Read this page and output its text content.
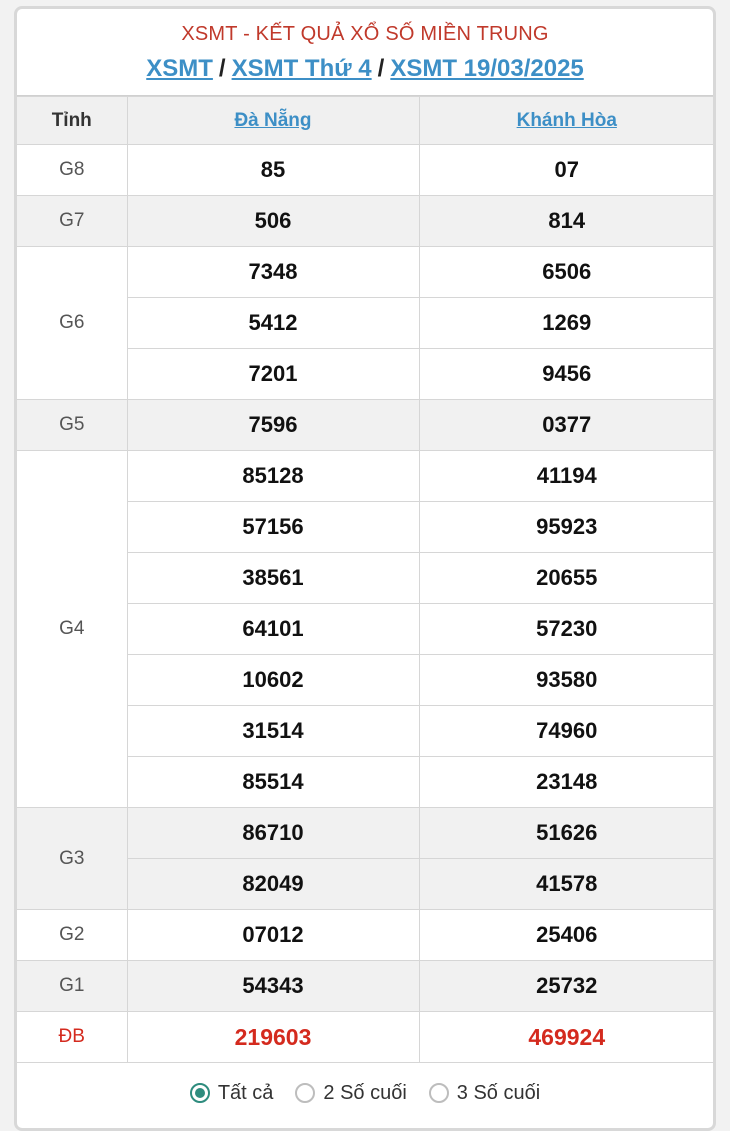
XSMT - KẾT QUẢ XỔ SỐ MIỀN TRUNG
XSMT / XSMT Thứ 4 / XSMT 19/03/2025
Tỉnh	Đà Nẵng	Khánh Hòa
G8	85	07
G7	506	814
G6	7348	6506
	5412	1269
	7201	9456
G5	7596	0377
G4	85128	41194
	57156	95923
	38561	20655
	64101	57230
	10602	93580
	31514	74960
	85514	23148
G3	86710	51626
	82049	41578
G2	07012	25406
G1	54343	25732
ĐB	219603	469924
Tất cả	2 Số cuối	3 Số cuối
